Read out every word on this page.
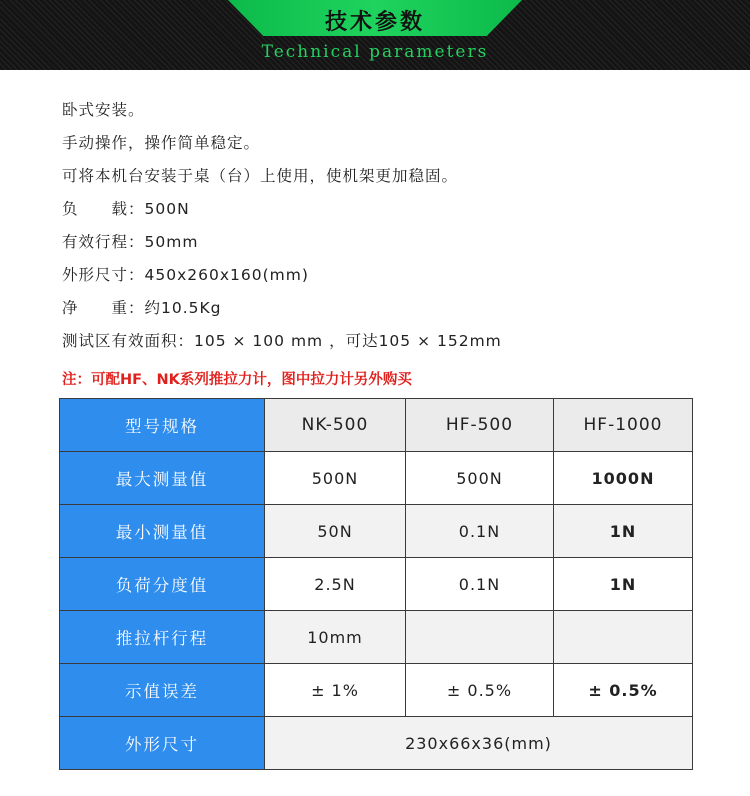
技术参数
Technical parameters
卧式安装。
手动操作，操作简单稳定。
可将本机台安装于桌（台）上使用，使机架更加稳固。
负　　载：500N
有效行程：50mm
外形尺寸：450x260x160(mm)
净　　重：约10.5Kg
测试区有效面积：105 × 100 mm ，可达105 × 152mm
注：可配HF、NK系列推拉力计，图中拉力计另外购买
型号规格	NK-500	HF-500	HF-1000
最大测量值	500N	500N	1000N
最小测量值	50N	0.1N	1N
负荷分度值	2.5N	0.1N	1N
推拉杆行程	10mm		
示值误差	± 1%	± 0.5%	± 0.5%
外形尺寸	230x66x36(mm)		
